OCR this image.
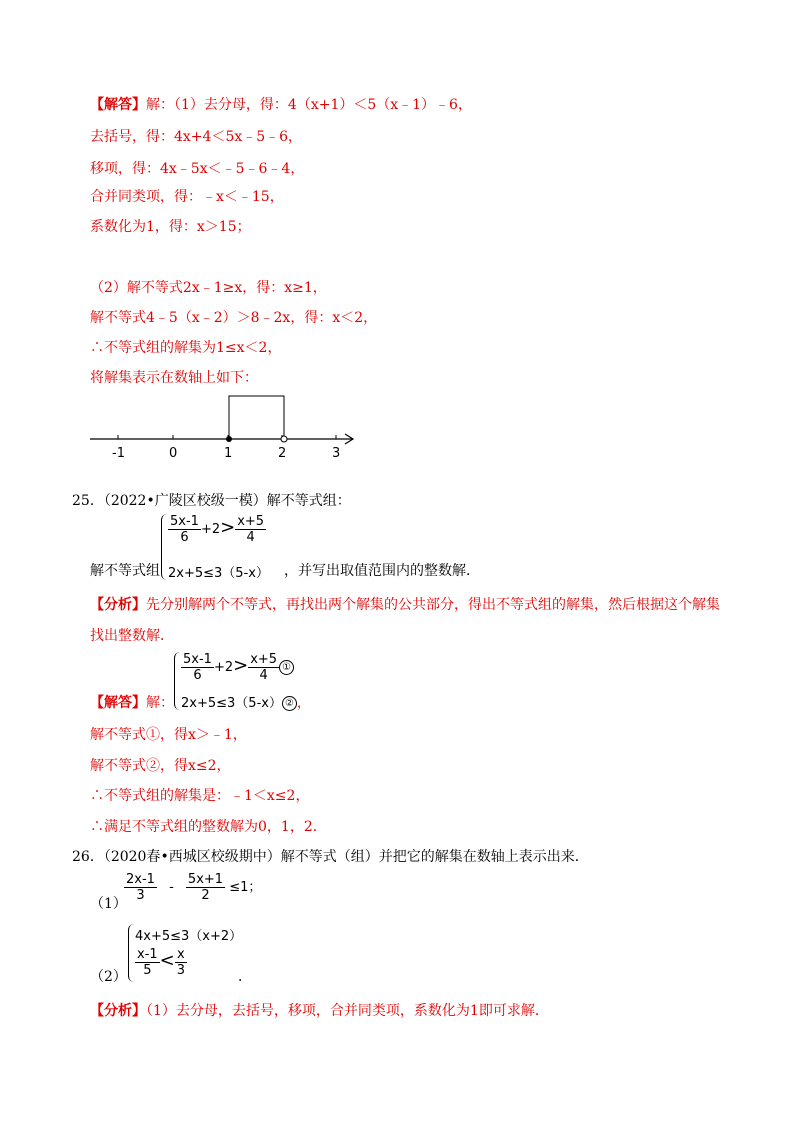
【解答】解：（1）去分母，得：4（x+1）＜5（x﹣1）﹣6，
去括号，得：4x+4＜5x﹣5﹣6，
移项，得：4x﹣5x＜﹣5﹣6﹣4，
合并同类项，得：﹣x＜﹣15，
系数化为1，得：x＞15；
（2）解不等式2x﹣1≥x，得：x≥1，
解不等式4﹣5（x﹣2）＞8﹣2x，得：x＜2，
∴不等式组的解集为1≤x＜2，
将解集表示在数轴上如下：
-1	0	1	2	3
25．（2022•广陵区校级一模）解不等式组：
$\frac{5x-1}{6} +2> \frac{x+5}{4}$
解不等式组 2x+5≤3（5-x） ，并写出取值范围内的整数解．
【分析】先分别解两个不等式，再找出两个解集的公共部分，得出不等式组的解集，然后根据这个解集
找出整数解．
【解答】解：
$\frac{5x-1}{6} +2> \frac{x+5}{4}$ ①
2x+5≤3（5-x） ② ，
解不等式①，得x＞﹣1，
解不等式②，得x≤2，
∴不等式组的解集是：﹣1＜x≤2，
∴满足不等式组的整数解为0，1，2．
26．（2020春•西城区校级期中）解不等式（组）并把它的解集在数轴上表示出来．
（1）
$\frac{2x-1}{3} - \frac{5x+1}{2} \le 1$；
（2）
4x+5≤3（x+2）
$\frac{x-1}{5} < \frac{x}{3}$	．
【分析】（1）去分母，去括号，移项，合并同类项，系数化为1即可求解．
